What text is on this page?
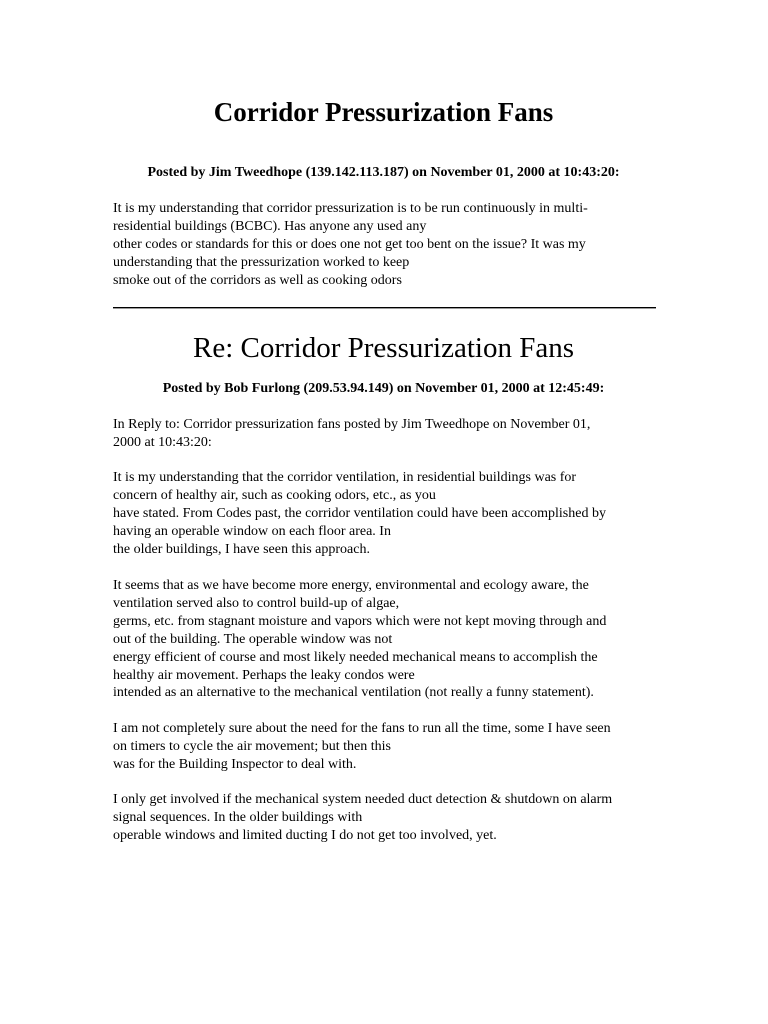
Corridor Pressurization Fans

Posted by Jim Tweedhope (139.142.113.187) on November 01, 2000 at 10:43:20:

It is my understanding that corridor pressurization is to be run continuously in multi-
residential buildings (BCBC). Has anyone any used any
other codes or standards for this or does one not get too bent on the issue? It was my
understanding that the pressurization worked to keep
smoke out of the corridors as well as cooking odors
Re: Corridor Pressurization Fans

Posted by Bob Furlong (209.53.94.149) on November 01, 2000 at 12:45:49:

In Reply to: Corridor pressurization fans posted by Jim Tweedhope on November 01,
2000 at 10:43:20:
It is my understanding that the corridor ventilation, in residential buildings was for
concern of healthy air, such as cooking odors, etc., as you
have stated. From Codes past, the corridor ventilation could have been accomplished by
having an operable window on each floor area. In
the older buildings, I have seen this approach.
It seems that as we have become more energy, environmental and ecology aware, the
ventilation served also to control build-up of algae,
germs, etc. from stagnant moisture and vapors which were not kept moving through and
out of the building. The operable window was not
energy efficient of course and most likely needed mechanical means to accomplish the
healthy air movement. Perhaps the leaky condos were
intended as an alternative to the mechanical ventilation (not really a funny statement).
I am not completely sure about the need for the fans to run all the time, some I have seen
on timers to cycle the air movement; but then this
was for the Building Inspector to deal with.
I only get involved if the mechanical system needed duct detection & shutdown on alarm
signal sequences. In the older buildings with
operable windows and limited ducting I do not get too involved, yet.
